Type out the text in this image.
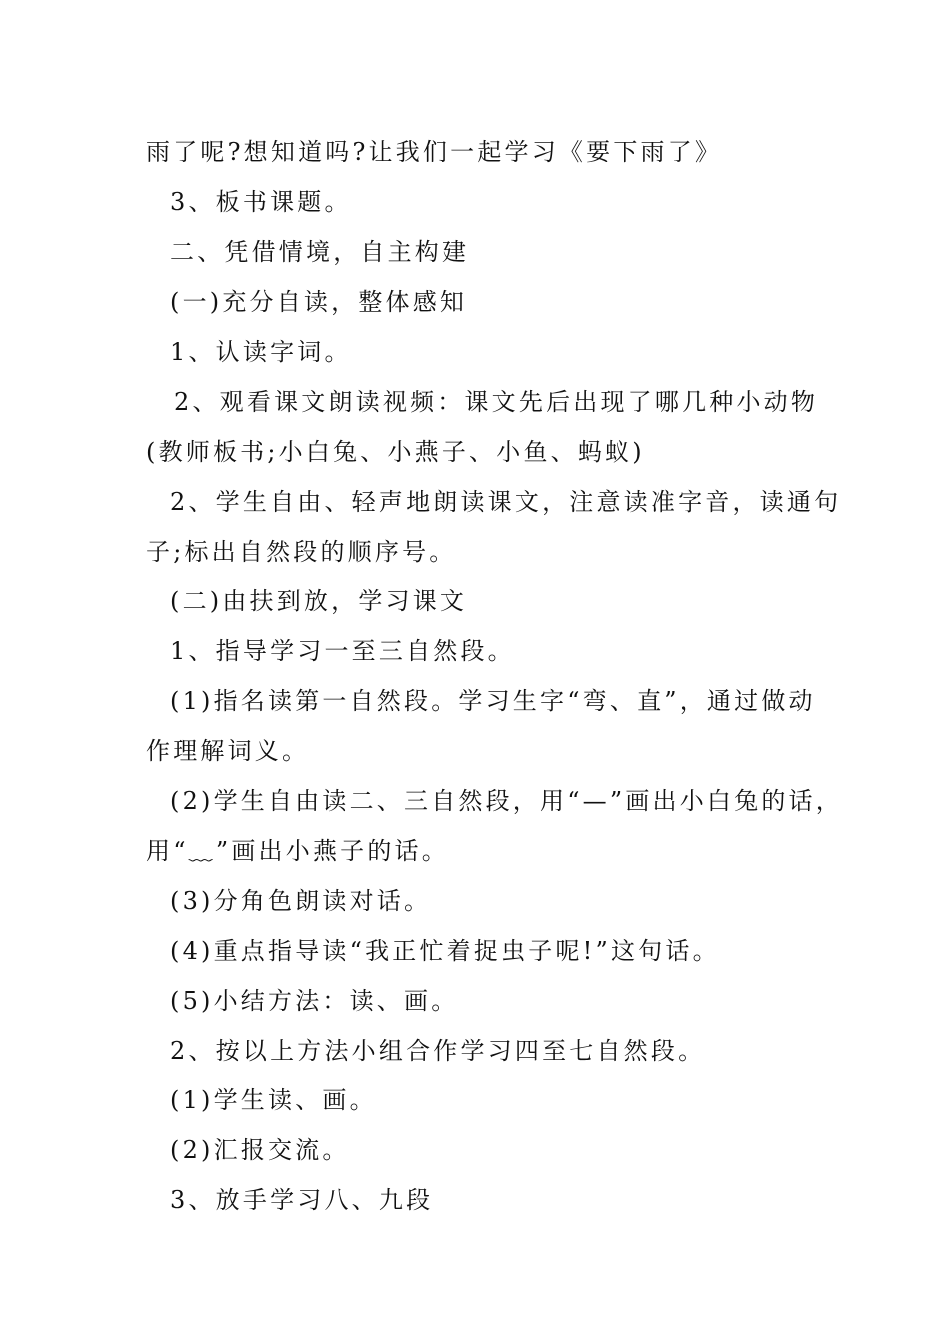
雨了呢?想知道吗?让我们一起学习《要下雨了》
3、板书课题。
二、凭借情境，自主构建
(一)充分自读，整体感知
1、认读字词。
2、观看课文朗读视频：课文先后出现了哪几种小动物
(教师板书;小白兔、小燕子、小鱼、蚂蚁)
2、学生自由、轻声地朗读课文，注意读准字音，读通句
子;标出自然段的顺序号。
(二)由扶到放，学习课文
1、指导学习一至三自然段。
(1)指名读第一自然段。学习生字“弯、直”，通过做动
作理解词义。
(2)学生自由读二、三自然段，用“—”画出小白兔的话，
用“﹏”画出小燕子的话。
(3)分角色朗读对话。
(4)重点指导读“我正忙着捉虫子呢!”这句话。
(5)小结方法：读、画。
2、按以上方法小组合作学习四至七自然段。
(1)学生读、画。
(2)汇报交流。
3、放手学习八、九段
